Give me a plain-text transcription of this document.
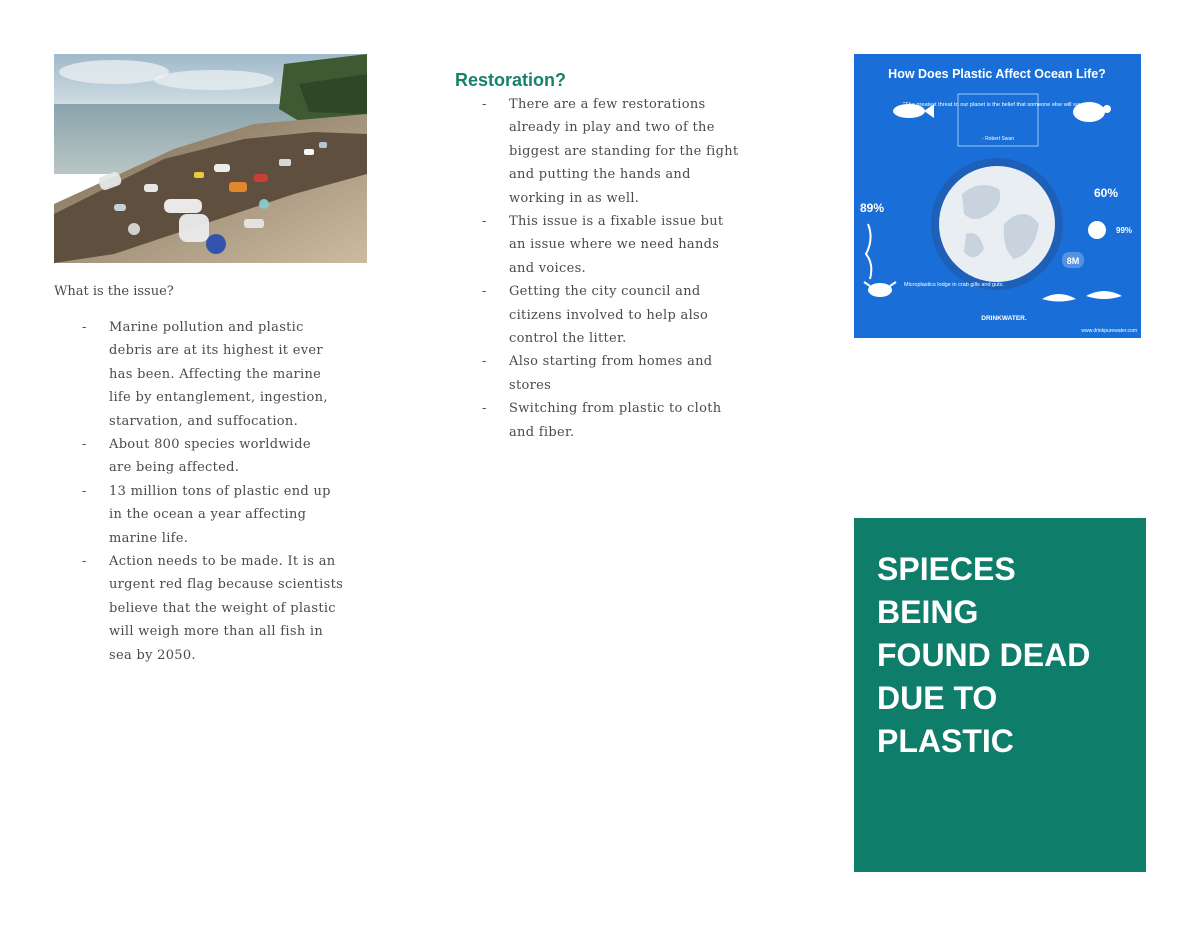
What is the issue?
- Marine pollution and plastic
debris are at its highest it ever
has been. Affecting the marine
life by entanglement, ingestion,
starvation, and suffocation.
- About 800 species worldwide
are being affected.
- 13 million tons of plastic end up
in the ocean a year affecting
marine life.
- Action needs to be made. It is an
urgent red flag because scientists
believe that the weight of plastic
will weigh more than all fish in
sea by 2050.
Restoration?
- There are a few restorations
already in play and two of the
biggest are standing for the fight
and putting the hands and
working in as well.
- This issue is a fixable issue but
an issue where we need hands
and voices.
- Getting the city council and
citizens involved to help also
control the litter.
- Also starting from homes and
stores
- Switching from plastic to cloth
and fiber.
How Does Plastic Affect Ocean Life?
"The greatest threat to our planet is the belief that someone else will save it."
- Robert Swan
89%
60%
99%
8M
Microplastics lodge in crab gills and guts.
DRINKWATER.
www.drinkpurewater.com
SPIECES
BEING
FOUND DEAD
DUE TO
PLASTIC
